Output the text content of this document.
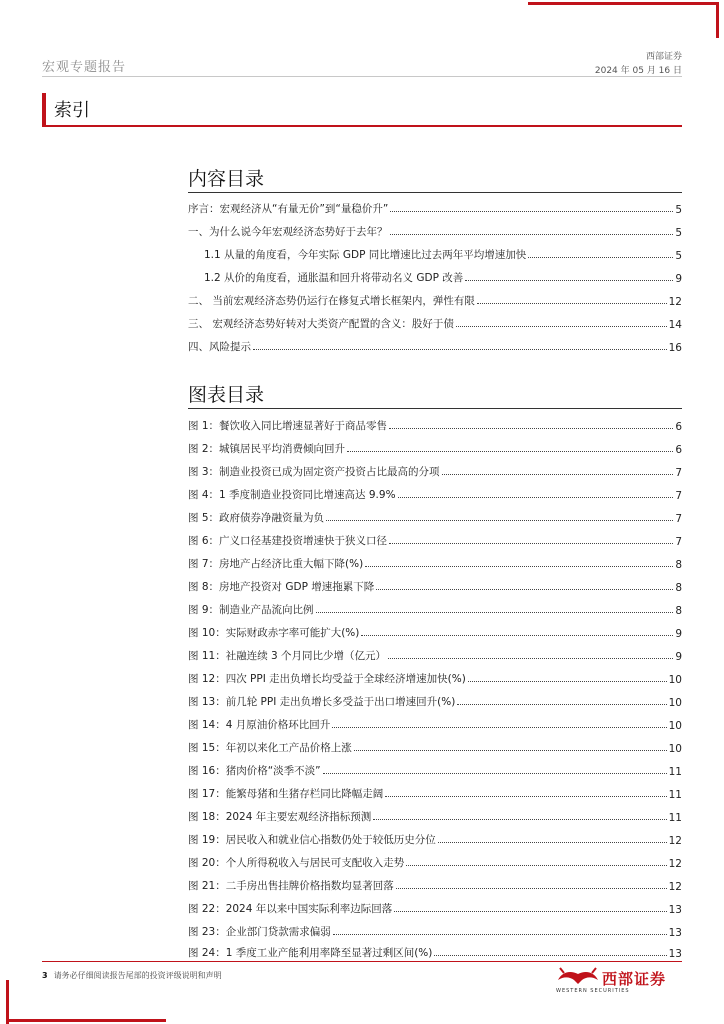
宏观专题报告
西部证券
2024 年 05 月 16 日
索引
内容目录
序言：宏观经济从“有量无价”到“量稳价升”	5
一、为什么说今年宏观经济态势好于去年？	5
1.1 从量的角度看，今年实际 GDP 同比增速比过去两年平均增速加快	5
1.2 从价的角度看，通胀温和回升将带动名义 GDP 改善	9
二、 当前宏观经济态势仍运行在修复式增长框架内，弹性有限	12
三、 宏观经济态势好转对大类资产配置的含义：股好于债	14
四、风险提示	16
图表目录
图 1：餐饮收入同比增速显著好于商品零售	6
图 2：城镇居民平均消费倾向回升	6
图 3：制造业投资已成为固定资产投资占比最高的分项	7
图 4：1 季度制造业投资同比增速高达 9.9%	7
图 5：政府债券净融资量为负	7
图 6：广义口径基建投资增速快于狭义口径	7
图 7：房地产占经济比重大幅下降(%)	8
图 8：房地产投资对 GDP 增速拖累下降	8
图 9：制造业产品流向比例	8
图 10：实际财政赤字率可能扩大(%)	9
图 11：社融连续 3 个月同比少增（亿元）	9
图 12：四次 PPI 走出负增长均受益于全球经济增速加快(%)	10
图 13：前几轮 PPI 走出负增长多受益于出口增速回升(%)	10
图 14：4 月原油价格环比回升	10
图 15：年初以来化工产品价格上涨	10
图 16：猪肉价格“淡季不淡”	11
图 17：能繁母猪和生猪存栏同比降幅走阔	11
图 18：2024 年主要宏观经济指标预测	11
图 19：居民收入和就业信心指数仍处于较低历史分位	12
图 20：个人所得税收入与居民可支配收入走势	12
图 21：二手房出售挂牌价格指数均显著回落	12
图 22：2024 年以来中国实际利率边际回落	13
图 23：企业部门贷款需求偏弱	13
图 24：1 季度工业产能利用率降至显著过剩区间(%)	13
3 请务必仔细阅读报告尾部的投资评级说明和声明	西部证券
WESTERN SECURITIES
